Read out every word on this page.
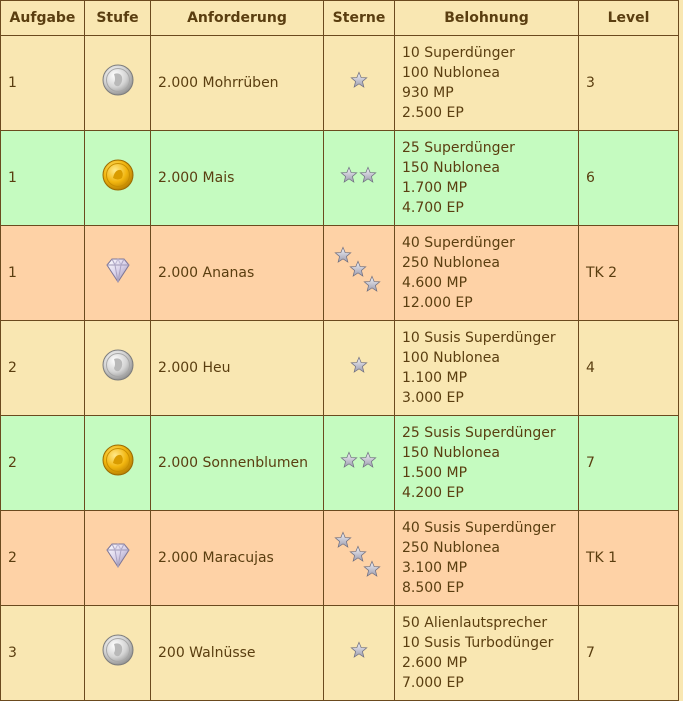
Aufgabe	Stufe	Anforderung	Sterne	Belohnung	Level
1		2.000 Mohrrüben		10 Superdünger
100 Nublonea
930 MP
2.500 EP	3
1		2.000 Mais		25 Superdünger
150 Nublonea
1.700 MP
4.700 EP	6
1		2.000 Ananas		40 Superdünger
250 Nublonea
4.600 MP
12.000 EP	TK 2
2		2.000 Heu		10 Susis Superdünger
100 Nublonea
1.100 MP
3.000 EP	4
2		2.000 Sonnenblumen		25 Susis Superdünger
150 Nublonea
1.500 MP
4.200 EP	7
2		2.000 Maracujas		40 Susis Superdünger
250 Nublonea
3.100 MP
8.500 EP	TK 1
3		200 Walnüsse		50 Alienlautsprecher
10 Susis Turbodünger
2.600 MP
7.000 EP	7
